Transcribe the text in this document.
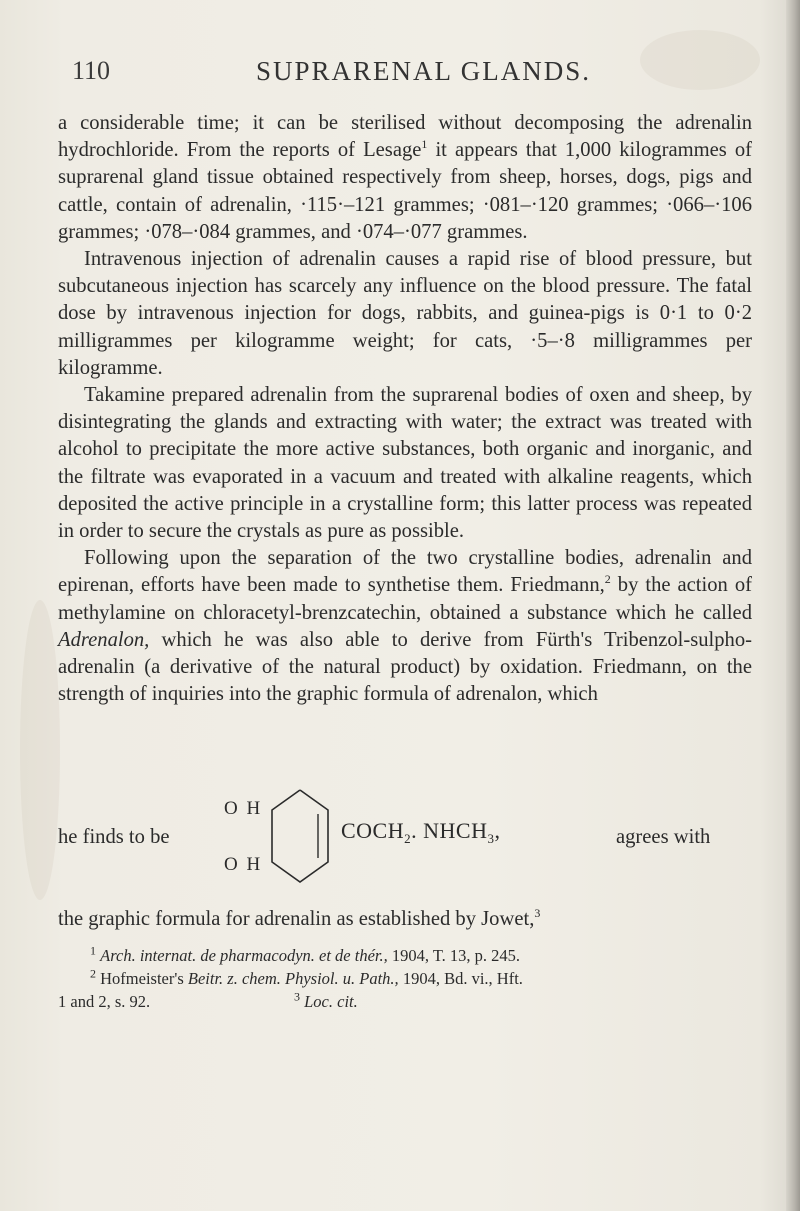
110	SUPRARENAL GLANDS.

a considerable time; it can be sterilised without decomposing the adrenalin hydrochloride. From the reports of Lesage$^1$ it appears that 1,000 kilogrammes of suprarenal gland tissue obtained respectively from sheep, horses, dogs, pigs and cattle, contain of adrenalin, ·115·–121 grammes; ·081–·120 grammes; ·066–·106 grammes; ·078–·084 grammes, and ·074–·077 grammes.

Intravenous injection of adrenalin causes a rapid rise of blood pressure, but subcutaneous injection has scarcely any influence on the blood pressure. The fatal dose by intravenous injection for dogs, rabbits, and guinea-pigs is 0·1 to 0·2 milligrammes per kilogramme weight; for cats, ·5–·8 milligrammes per kilogramme.

Takamine prepared adrenalin from the suprarenal bodies of oxen and sheep, by disintegrating the glands and extracting with water; the extract was treated with alcohol to precipitate the more active substances, both organic and inorganic, and the filtrate was evaporated in a vacuum and treated with alkaline reagents, which deposited the active principle in a crystalline form; this latter process was repeated in order to secure the crystals as pure as possible.

Following upon the separation of the two crystalline bodies, adrenalin and epirenan, efforts have been made to synthetise them. Friedmann,$^2$ by the action of methylamine on chloracetyl-brenzcatechin, obtained a substance which he called Adrenalon, which he was also able to derive from Fürth's Tribenzol-sulpho-adrenalin (a derivative of the natural product) by oxidation. Friedmann, on the strength of inquiries into the graphic formula of adrenalon, which

he finds to be
O H
O H
$COCH_2$. $NHCH_3$,	agrees with
the graphic formula for adrenalin as established by Jowet,$^3$

$^1$ Arch. internat. de pharmacodyn. et de thér., 1904, T. 13, p. 245.

$^2$ Hofmeister's Beitr. z. chem. Physiol. u. Path., 1904, Bd. vi., Hft.

1 and 2, s. 92.	$^3$ Loc. cit.
